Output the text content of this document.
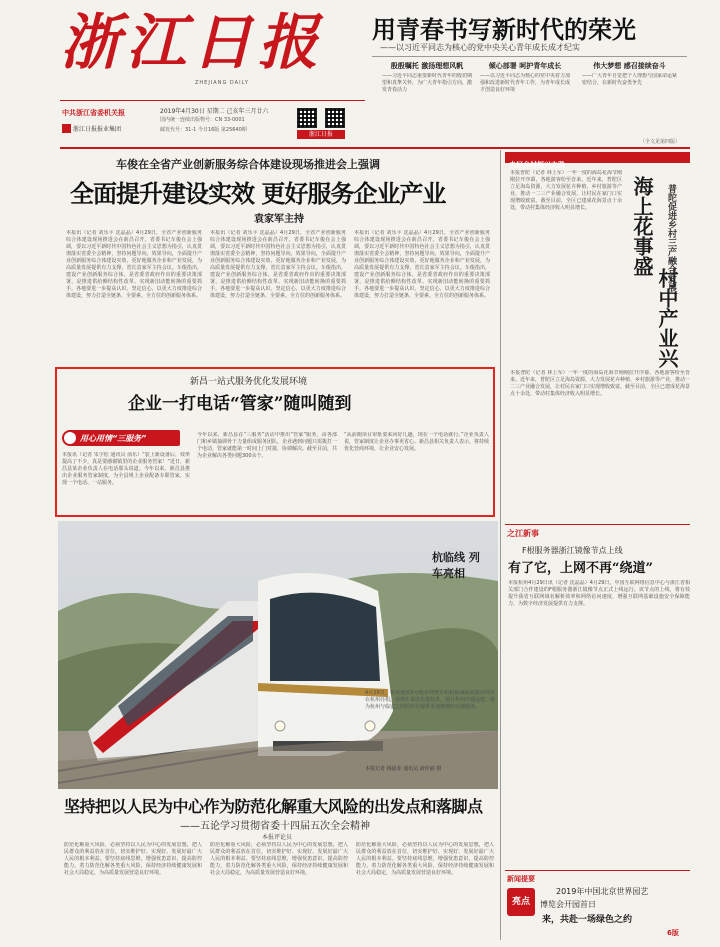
浙江日报
ZHEJIANG DAILY
中共浙江省委机关报
浙江日报报业集团
2019年4月30日 星期二 己亥年三月廿六
国内统一连续出版物号：CN 33-0001
邮发代号：31-1 今日16版 第25640期
浙江日报
用青春书写新时代的荣光
——以习近平同志为核心的党中央关心青年成长成才纪实
殷殷嘱托 激扬理想风帆
——习近平同志重要新时代青年的殷切期望和真挚关怀，为广大青年指引方向，激发青春活力
倾心部署 呵护青年成长
——以习近平同志为核心的党中央着力加强和改进新时代青年工作，为青年成长成才创造良好环境
伟大梦想 感召接续奋斗
——广大青年自觉把个人理想与国家命运紧密结合，在新时代奋勇争先
（全文见第四版）
车俊在全省产业创新服务综合体建设现场推进会上强调
全面提升建设实效 更好服务企业产业
袁家军主持
本报讯（记者 刘乐平 沈晶晶）4月29日，全省产业创新服务综合体建设现场推进会在新昌召开。省委书记车俊在会上强调，要以习近平新时代中国特色社会主义思想为指引，认真贯彻落实省委全会精神，坚持问题导向、效果导向，全面提升产业创新服务综合体建设实效，更好地服务企业和产业发展，为高质量发展提供有力支撑。省长袁家军主持会议。车俊指出，建设产业创新服务综合体，是省委省政府作出的重要决策部署，是推进供给侧结构性改革、实现新旧动能转换的重要抓手。各地要进一步提高认识，坚定信心，以更大力度推进综合体建设，努力打造全链条、全要素、全方位的创新服务体系。
本报讯（记者 刘乐平 沈晶晶）4月29日，全省产业创新服务综合体建设现场推进会在新昌召开。省委书记车俊在会上强调，要以习近平新时代中国特色社会主义思想为指引，认真贯彻落实省委全会精神，坚持问题导向、效果导向，全面提升产业创新服务综合体建设实效，更好地服务企业和产业发展，为高质量发展提供有力支撑。省长袁家军主持会议。车俊指出，建设产业创新服务综合体，是省委省政府作出的重要决策部署，是推进供给侧结构性改革、实现新旧动能转换的重要抓手。各地要进一步提高认识，坚定信心，以更大力度推进综合体建设，努力打造全链条、全要素、全方位的创新服务体系。
本报讯（记者 刘乐平 沈晶晶）4月29日，全省产业创新服务综合体建设现场推进会在新昌召开。省委书记车俊在会上强调，要以习近平新时代中国特色社会主义思想为指引，认真贯彻落实省委全会精神，坚持问题导向、效果导向，全面提升产业创新服务综合体建设实效，更好地服务企业和产业发展，为高质量发展提供有力支撑。省长袁家军主持会议。车俊指出，建设产业创新服务综合体，是省委省政府作出的重要决策部署，是推进供给侧结构性改革、实现新旧动能转换的重要抓手。各地要进一步提高认识，坚定信心，以更大力度推进综合体建设，努力打造全链条、全要素、全方位的创新服务体系。
新昌一站式服务优化发展环境
企业一打电话“管家”随叫随到
用心用情“三服务”
本报讯（记者 朱宇松 通讯员 俞乐）“装上新设备后，效率提高了不少，真是要感谢镇里的企业服务管家！”近日，新昌县某企业负责人在电话那头说道。今年以来，新昌县推出企业服务管家制度，为全县规上企业配备专职管家，实现一个电话、一站服务。
今年以来，新昌县在“三服务”活动中推出“管家”服务，由各部门和乡镇抽调骨干力量组成服务团队，企业遇到问题只需拨打一个电话，管家就能第一时间上门对接，协调解决。截至目前，共为企业解决各类问题300余个。
“从前跑项目审批要来回好几趟，现在一个电话就行。”企业负责人说，管家制度让企业办事更省心。新昌县相关负责人表示，将持续优化营商环境，让企业安心发展。
走好乡村振兴之路
海上花事盛
村中产业兴
普陀促进乡村三产融合发展
本报普陀（记者 林上军）一年一度的海岛花海节刚刚拉开序幕，各地游客纷至沓来。近年来，普陀区立足海岛资源，大力发展花卉种植、乡村旅游等产业，推动一二三产业融合发展，让村民在家门口实现增收致富。截至目前，全区已建成花海景点十余处，带动村集体经济收入明显增长。
本报普陀（记者 林上军）一年一度的海岛花海节刚刚拉开序幕，各地游客纷至沓来。近年来，普陀区立足海岛资源，大力发展花卉种植、乡村旅游等产业，推动一二三产业融合发展，让村民在家门口实现增收致富。截至目前，全区已建成花海景点十余处，带动村集体经济收入明显增长。
之江新事
F根服务器浙江镜像节点上线
有了它，上网不再“绕道”
本报杭州4月29日讯（记者 沈晶晶）4月29日，中国互联网络信息中心与浙江省相关部门合作建设的F根服务器浙江镜像节点正式上线运行。该节点的上线，将有效提升我省互联网域名解析效率和网络访问速度，增强互联网基础设施安全保障能力，为数字经济发展提供有力支撑。
新闻提要
亮点
2019年中国北京世界园艺
博览会开园首日
来，共赴一场绿色之约
6版
杭临线 列车亮相
4月29日，杭州地铁5号线首列列车和杭临城际铁路首列车在杭州亮相，该列车采用先进技术，预计年内开通运营，将为杭州与临安之间的出行提供更加便捷的交通服务。
本报记者 钱晨菲 通讯员 俞佳丽 摄
坚持把以人民为中心作为防范化解重大风险的出发点和落脚点
——五论学习贯彻省委十四届五次全会精神
本报评论员
防范化解重大风险，必须坚持以人民为中心的发展思想，把人民群众的利益放在首位，切实维护好、实现好、发展好最广大人民的根本利益。要坚持底线思维，增强忧患意识，提高防控能力，着力防范化解各类重大风险，保持经济持续健康发展和社会大局稳定，为高质量发展营造良好环境。
防范化解重大风险，必须坚持以人民为中心的发展思想，把人民群众的利益放在首位，切实维护好、实现好、发展好最广大人民的根本利益。要坚持底线思维，增强忧患意识，提高防控能力，着力防范化解各类重大风险，保持经济持续健康发展和社会大局稳定，为高质量发展营造良好环境。
防范化解重大风险，必须坚持以人民为中心的发展思想，把人民群众的利益放在首位，切实维护好、实现好、发展好最广大人民的根本利益。要坚持底线思维，增强忧患意识，提高防控能力，着力防范化解各类重大风险，保持经济持续健康发展和社会大局稳定，为高质量发展营造良好环境。
